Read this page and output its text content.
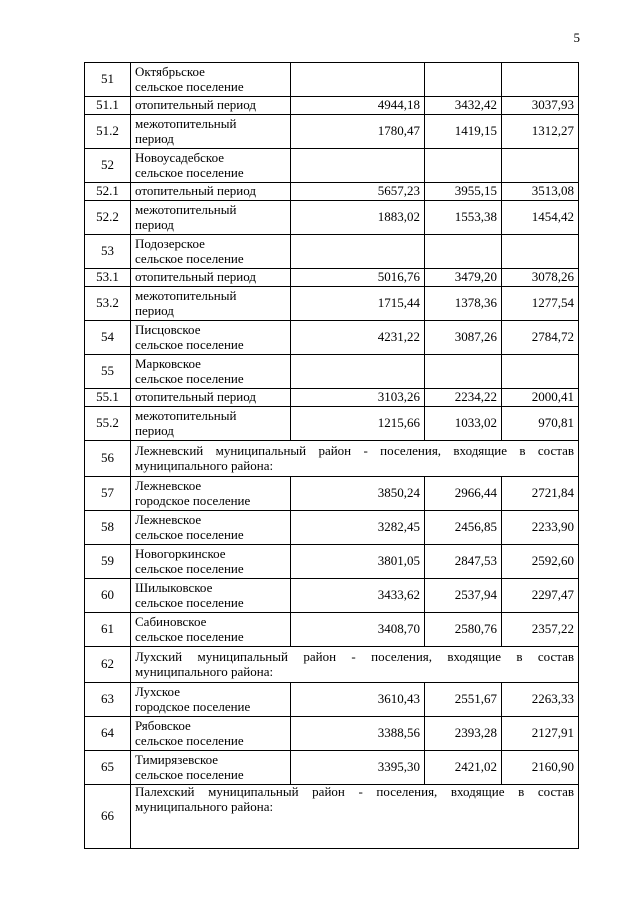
5
51	Октябрьское
сельское поселение			
51.1	отопительный период	4944,18	3432,42	3037,93
51.2	межотопительный
период	1780,47	1419,15	1312,27
52	Новоусадебское
сельское поселение			
52.1	отопительный период	5657,23	3955,15	3513,08
52.2	межотопительный
период	1883,02	1553,38	1454,42
53	Подозерское
сельское поселение			
53.1	отопительный период	5016,76	3479,20	3078,26
53.2	межотопительный
период	1715,44	1378,36	1277,54
54	Писцовское
сельское поселение	4231,22	3087,26	2784,72
55	Марковское
сельское поселение			
55.1	отопительный период	3103,26	2234,22	2000,41
55.2	межотопительный
период	1215,66	1033,02	970,81
56	Лежневский муниципальный район - поселения, входящие в состав муниципального района:			
57	Лежневское
городское поселение	3850,24	2966,44	2721,84
58	Лежневское
сельское поселение	3282,45	2456,85	2233,90
59	Новогоркинское
сельское поселение	3801,05	2847,53	2592,60
60	Шилыковское
сельское поселение	3433,62	2537,94	2297,47
61	Сабиновское
сельское поселение	3408,70	2580,76	2357,22
62	Лухский муниципальный район - поселения, входящие в состав муниципального района:			
63	Лухское
городское поселение	3610,43	2551,67	2263,33
64	Рябовское
сельское поселение	3388,56	2393,28	2127,91
65	Тимирязевское
сельское поселение	3395,30	2421,02	2160,90
66	Палехский муниципальный район - поселения, входящие в состав муниципального района:			
